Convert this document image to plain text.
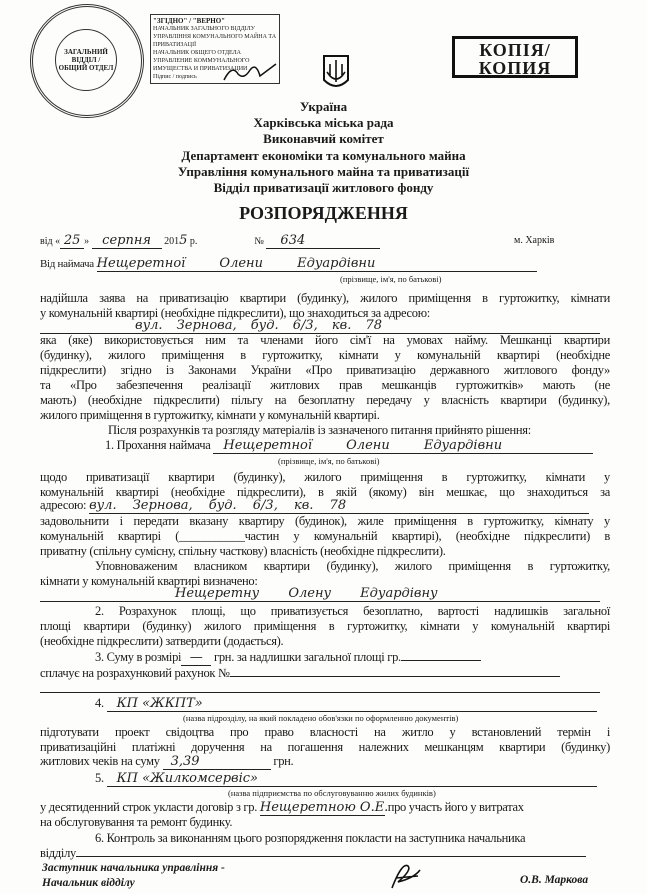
КОПІЯ/
КОПИЯ
Україна
Харківська міська рада
Виконавчий комітет
Департамент економіки та комунального майна
Управління комунального майна та приватизації
Відділ приватизації житлового фонду
РОЗПОРЯДЖЕННЯ
від « 25 » серпня 2015 р.	№ 634	м. Харків
Від наймача Нещеретної Олени Едуардівни
(прізвище, ім'я, по батькові)
надійшла заява на приватизацію квартири (будинку), жилого приміщення в гуртожитку, кімнати
у комунальній квартирі (необхідне підкреслити), що знаходиться за адресою:
вул. Зернова, буд. 6/3, кв. 78
яка (яке) використовується ним та членами його сім'ї на умовах найму. Мешканці квартири
(будинку), жилого приміщення в гуртожитку, кімнати у комунальній квартирі (необхідне
підкреслити) згідно із Законами України «Про приватизацію державного житлового фонду»
та «Про забезпечення реалізації житлових прав мешканців гуртожитків» мають (не
мають) (необхідне підкреслити) пільгу на безоплатну передачу у власність квартири (будинку),
жилого приміщення в гуртожитку, кімнати у комунальній квартирі.
Після розрахунків та розгляду матеріалів із зазначеного питання прийнято рішення:
1. Прохання наймача Нещеретної Олени Едуардівни
(прізвище, ім'я, по батькові)
щодо приватизації квартири (будинку), жилого приміщення в гуртожитку, кімнати у
комунальній квартирі (необхідне підкреслити), в якій (якому) він мешкає, що знаходиться за
адресою: вул. Зернова, буд. 6/3, кв. 78
задовольнити і передати вказану квартиру (будинок), жиле приміщення в гуртожитку, кімнату у
комунальній квартирі (___________частин у комунальній квартирі), (необхідне підкреслити) в
приватну (спільну сумісну, спільну часткову) власність (необхідне підкреслити).
Уповноваженим власником квартири (будинку), жилого приміщення в гуртожитку,
кімнати у комунальній квартирі визначено:
Нещеретну Олену Едуардівну
2. Розрахунок площі, що приватизується безоплатно, вартості надлишків загальної
площі квартири (будинку) жилого приміщення в гуртожитку, кімнати у комунальній квартирі
(необхідне підкреслити) затвердити (додається).
3. Суму в розмірі — грн. за надлишки загальної площі гр.
сплачує на розрахунковий рахунок №
4. КП «ЖКПТ»
(назва підрозділу, на який покладено обов'язки по оформленню документів)
підготувати проект свідоцтва про право власності на житло у встановлений термін і
приватизаційні платіжні доручення на погашення належних мешканцям квартири (будинку)
житлових чеків на суму 3,39	грн.
5. КП «Жилкомсервіс»
(назва підприємства по обслуговуванню жилих будинків)
у десятиденний строк укласти договір з гр. Нещеретною О.Е. про участь його у витратах
на обслуговування та ремонт будинку.
6. Контроль за виконанням цього розпорядження покласти на заступника начальника
відділу
Заступник начальника управління -
Начальник відділу	О.В. Маркова
ЗАГАЛЬНИЙ
ВІДДІЛ /
ОБЩИЙ ОТДЕЛ
"ЗГІДНО" / "ВЕРНО"
НАЧАЛЬНИК ЗАГАЛЬНОГО ВІДДІЛУ
УПРАВЛІННЯ КОМУНАЛЬНОГО МАЙНА ТА ПРИВАТИЗАЦІЇ
НАЧАЛЬНИК ОБЩЕГО ОТДЕЛА
УПРАВЛЕНИЕ КОММУНАЛЬНОГО ИМУЩЕСТВА И ПРИВАТИЗАЦИИ
Підпис / подпись
